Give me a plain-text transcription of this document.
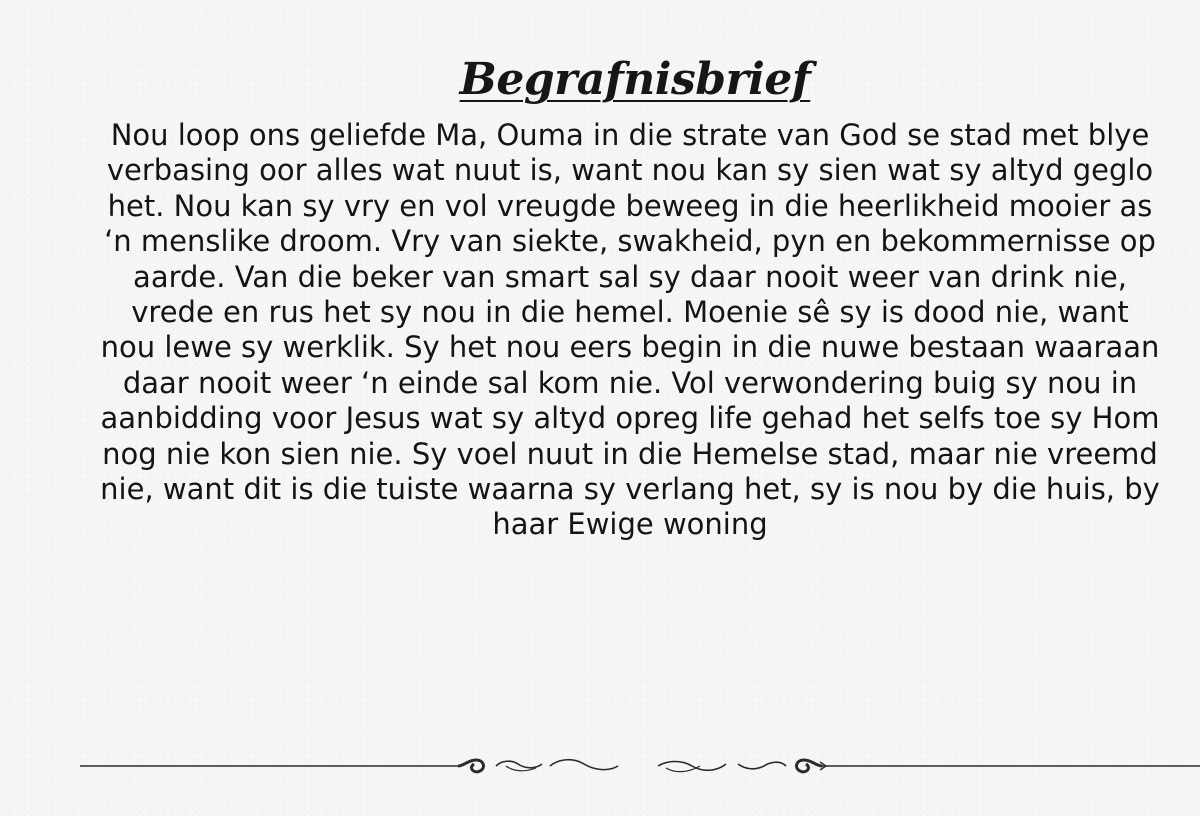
Begrafnisbrief
Nou loop ons geliefde Ma, Ouma in die strate van God se stad met blye
verbasing oor alles wat nuut is, want nou kan sy sien wat sy altyd geglo
het. Nou kan sy vry en vol vreugde beweeg in die heerlikheid mooier as
‘n menslike droom. Vry van siekte, swakheid, pyn en bekommernisse op
aarde. Van die beker van smart sal sy daar nooit weer van drink nie,
vrede en rus het sy nou in die hemel. Moenie sê sy is dood nie, want
nou lewe sy werklik. Sy het nou eers begin in die nuwe bestaan waaraan
daar nooit weer ‘n einde sal kom nie. Vol verwondering buig sy nou in
aanbidding voor Jesus wat sy altyd opreg life gehad het selfs toe sy Hom
nog nie kon sien nie. Sy voel nuut in die Hemelse stad, maar nie vreemd
nie, want dit is die tuiste waarna sy verlang het, sy is nou by die huis, by
haar Ewige woning
